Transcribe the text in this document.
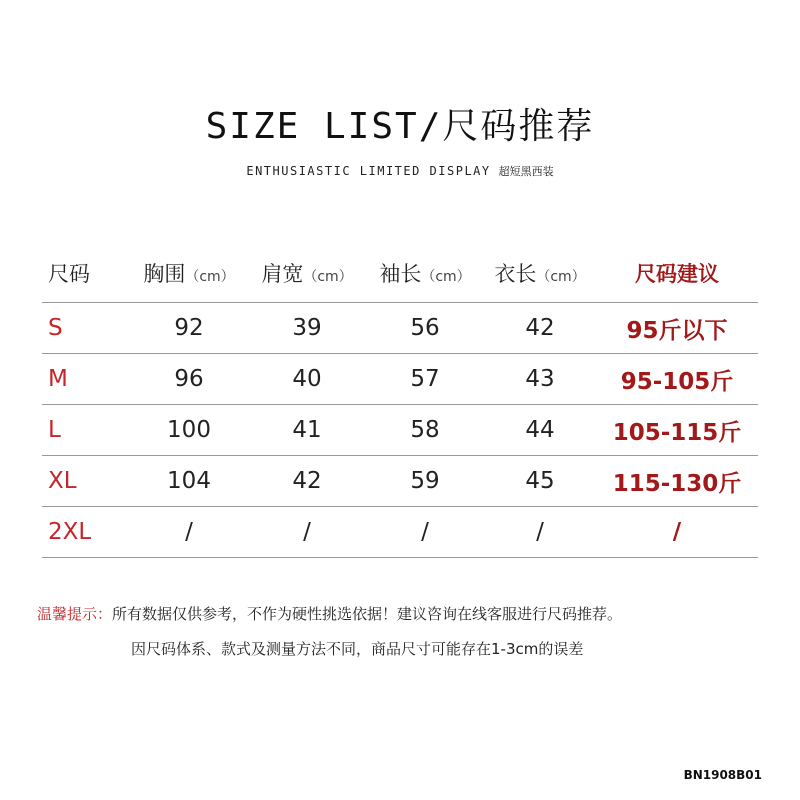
SIZE LIST/尺码推荐
ENTHUSIASTIC LIMITED DISPLAY 超短黑西装
尺码	胸围（cm）	肩宽（cm）	袖长（cm）	衣长（cm）	尺码建议
S	92	39	56	42	95斤以下
M	96	40	57	43	95-105斤
L	100	41	58	44	105-115斤
XL	104	42	59	45	115-130斤
2XL	/	/	/	/	/
温馨提示：所有数据仅供参考，不作为硬性挑选依据！建议咨询在线客服进行尺码推荐。
因尺码体系、款式及测量方法不同，商品尺寸可能存在1-3cm的误差
BN1908B01
